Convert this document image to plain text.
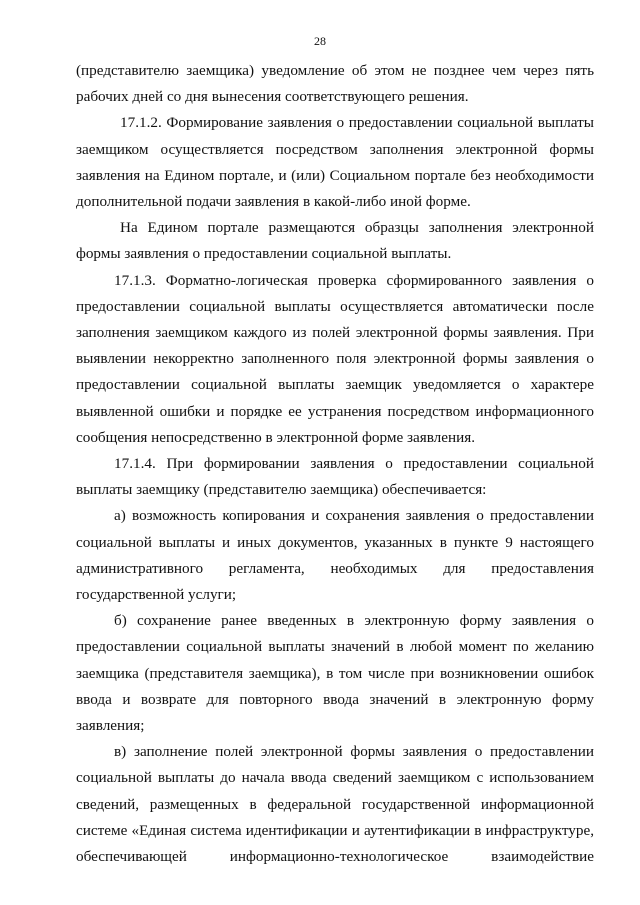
28

(представителю заемщика) уведомление об этом не позднее чем через пять рабочих дней со дня вынесения соответствующего решения.

17.1.2. Формирование заявления о предоставлении социальной выплаты заемщиком осуществляется посредством заполнения электронной формы заявления на Едином портале, и (или) Социальном портале без необходимости дополнительной подачи заявления в какой-либо иной форме.

На Едином портале размещаются образцы заполнения электронной формы заявления о предоставлении социальной выплаты.

17.1.3. Форматно-логическая проверка сформированного заявления о предоставлении социальной выплаты осуществляется автоматически после заполнения заемщиком каждого из полей электронной формы заявления. При выявлении некорректно заполненного поля электронной формы заявления о предоставлении социальной выплаты заемщик уведомляется о характере выявленной ошибки и порядке ее устранения посредством информационного сообщения непосредственно в электронной форме заявления.

17.1.4. При формировании заявления о предоставлении социальной выплаты заемщику (представителю заемщика) обеспечивается:

а) возможность копирования и сохранения заявления о предоставлении социальной выплаты и иных документов, указанных в пункте 9 настоящего административного регламента, необходимых для предоставления государственной услуги;

б) сохранение ранее введенных в электронную форму заявления о предоставлении социальной выплаты значений в любой момент по желанию заемщика (представителя заемщика), в том числе при возникновении ошибок ввода и возврате для повторного ввода значений в электронную форму заявления;

в) заполнение полей электронной формы заявления о предоставлении социальной выплаты до начала ввода сведений заемщиком с использованием сведений, размещенных в федеральной государственной информационной системе «Единая система идентификации и аутентификации в инфраструктуре, обеспечивающей информационно-технологическое взаимодействие
